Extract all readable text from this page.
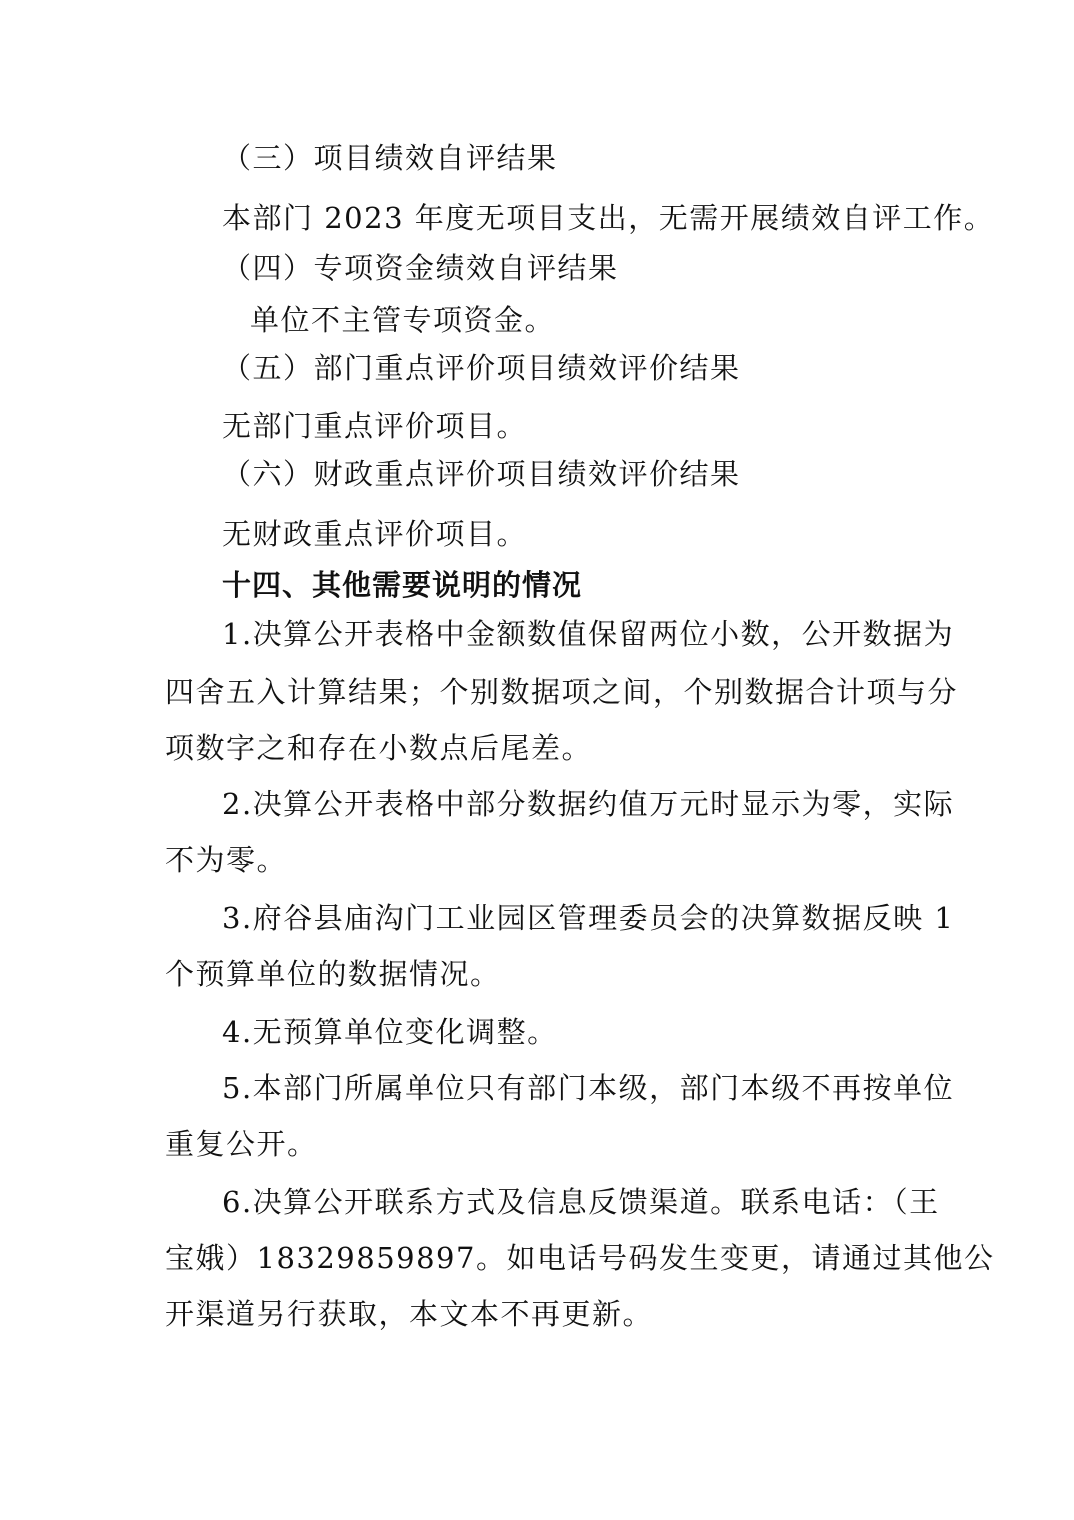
（三）项目绩效自评结果
本部门 2023 年度无项目支出，无需开展绩效自评工作。
（四）专项资金绩效自评结果
单位不主管专项资金。
（五）部门重点评价项目绩效评价结果
无部门重点评价项目。
（六）财政重点评价项目绩效评价结果
无财政重点评价项目。
十四、其他需要说明的情况
1.决算公开表格中金额数值保留两位小数，公开数据为
四舍五入计算结果；个别数据项之间，个别数据合计项与分
项数字之和存在小数点后尾差。
2.决算公开表格中部分数据约值万元时显示为零，实际
不为零。
3.府谷县庙沟门工业园区管理委员会的决算数据反映 1
个预算单位的数据情况。
4.无预算单位变化调整。
5.本部门所属单位只有部门本级，部门本级不再按单位
重复公开。
6.决算公开联系方式及信息反馈渠道。联系电话：（王
宝娥）18329859897。如电话号码发生变更，请通过其他公
开渠道另行获取，本文本不再更新。
